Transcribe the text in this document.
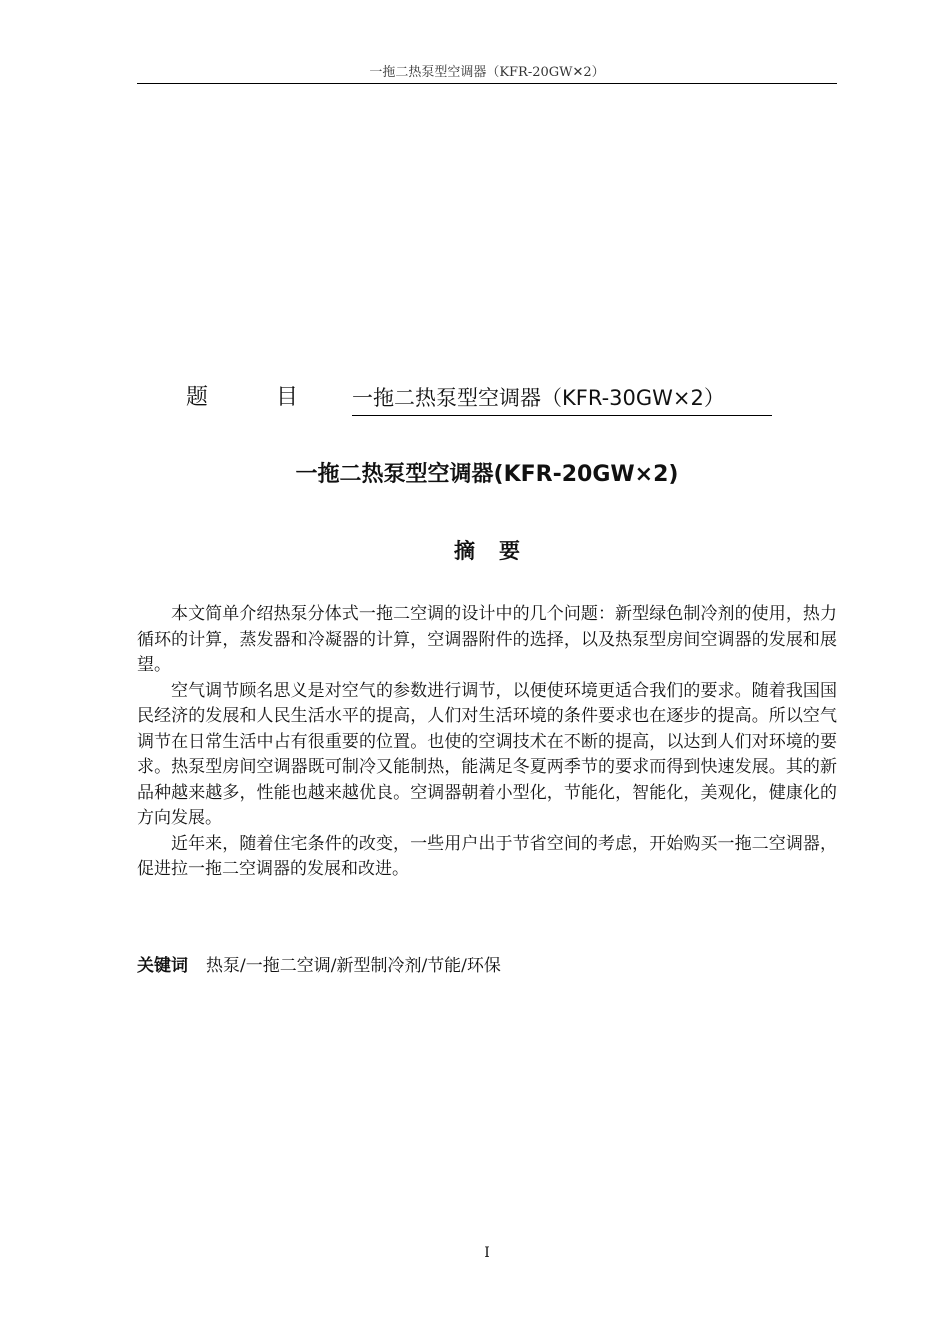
一拖二热泵型空调器（KFR-20GW✕2）
题	目	一拖二热泵型空调器（KFR-30GW×2）
一拖二热泵型空调器(KFR-20GW×2)
摘要

本文简单介绍热泵分体式一拖二空调的设计中的几个问题：新型绿色制冷剂的使用，热力循环的计算，蒸发器和冷凝器的计算，空调器附件的选择，以及热泵型房间空调器的发展和展望。

空气调节顾名思义是对空气的参数进行调节，以便使环境更适合我们的要求。随着我国国民经济的发展和人民生活水平的提高，人们对生活环境的条件要求也在逐步的提高。所以空气调节在日常生活中占有很重要的位置。也使的空调技术在不断的提高，以达到人们对环境的要求。热泵型房间空调器既可制冷又能制热，能满足冬夏两季节的要求而得到快速发展。其的新品种越来越多，性能也越来越优良。空调器朝着小型化，节能化，智能化，美观化，健康化的方向发展。

近年来，随着住宅条件的改变，一些用户出于节省空间的考虑，开始购买一拖二空调器，促进拉一拖二空调器的发展和改进。

关键词 热泵/一拖二空调/新型制冷剂/节能/环保
I
